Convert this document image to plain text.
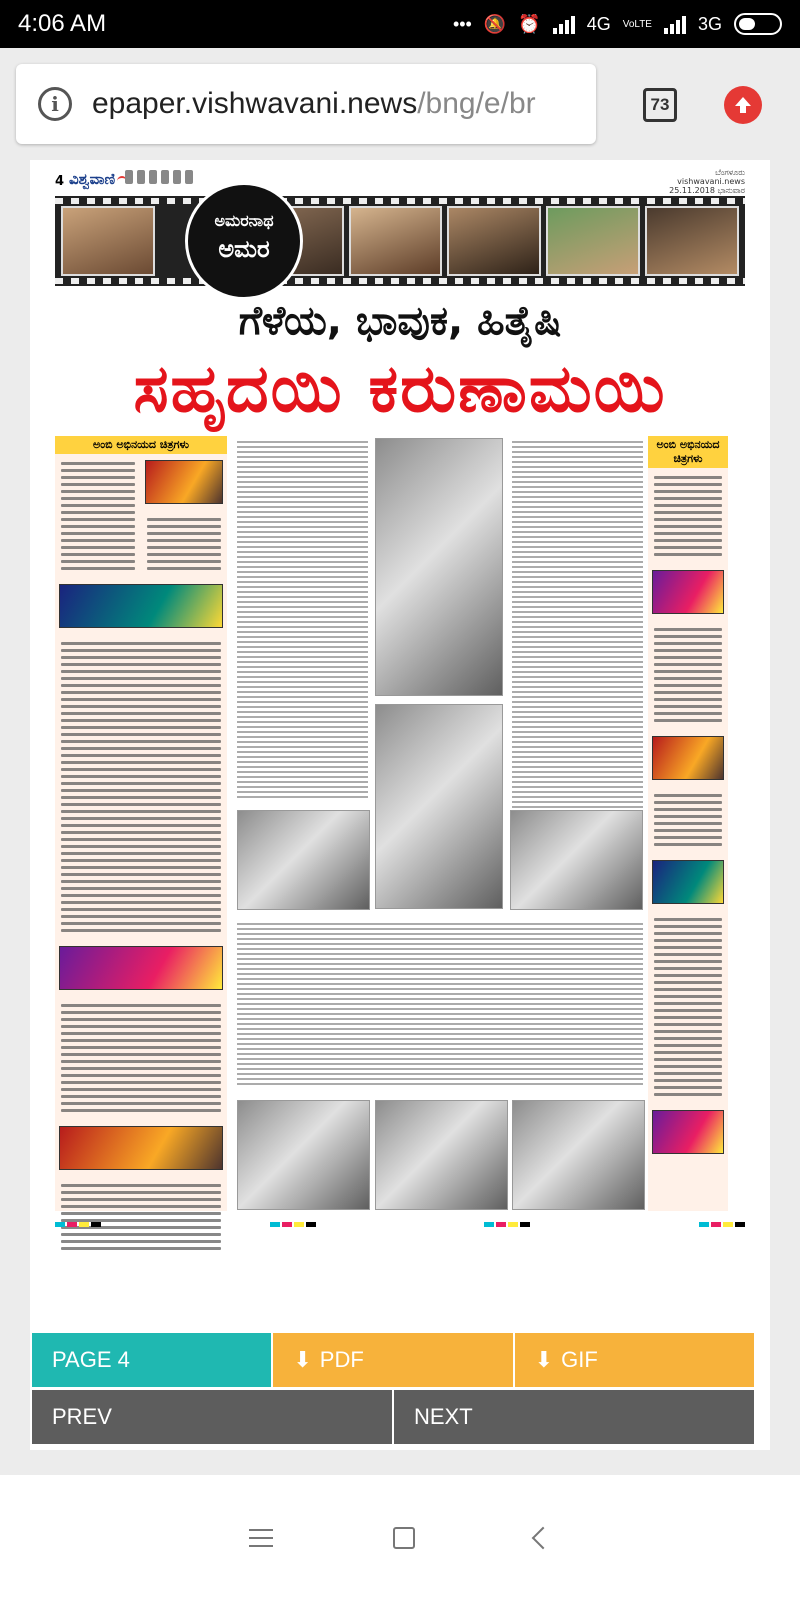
4:06 AM	••• 🔕 ⏰	4G VoLTE	3G
i	epaper.vishwavani.news/bng/e/br	73
4 ವಿಶ್ವವಾಣಿ	ಬೆಂಗಳೂರು
vishwavani.news
25.11.2018 ಭಾನುವಾರ
ಅಮರನಾಥ
ಅಮರ
ಗೆಳೆಯ, ಭಾವುಕ, ಹಿತೈಷಿ
ಸಹೃದಯಿ ಕರುಣಾಮಯಿ
ಅಂಬಿ ಅಭಿನಯದ ಚಿತ್ರಗಳು	ಅಂಬಿ ಅಭಿನಯದ ಚಿತ್ರಗಳು
PAGE 4	⬇ PDF	⬇ GIF
PREV	NEXT
